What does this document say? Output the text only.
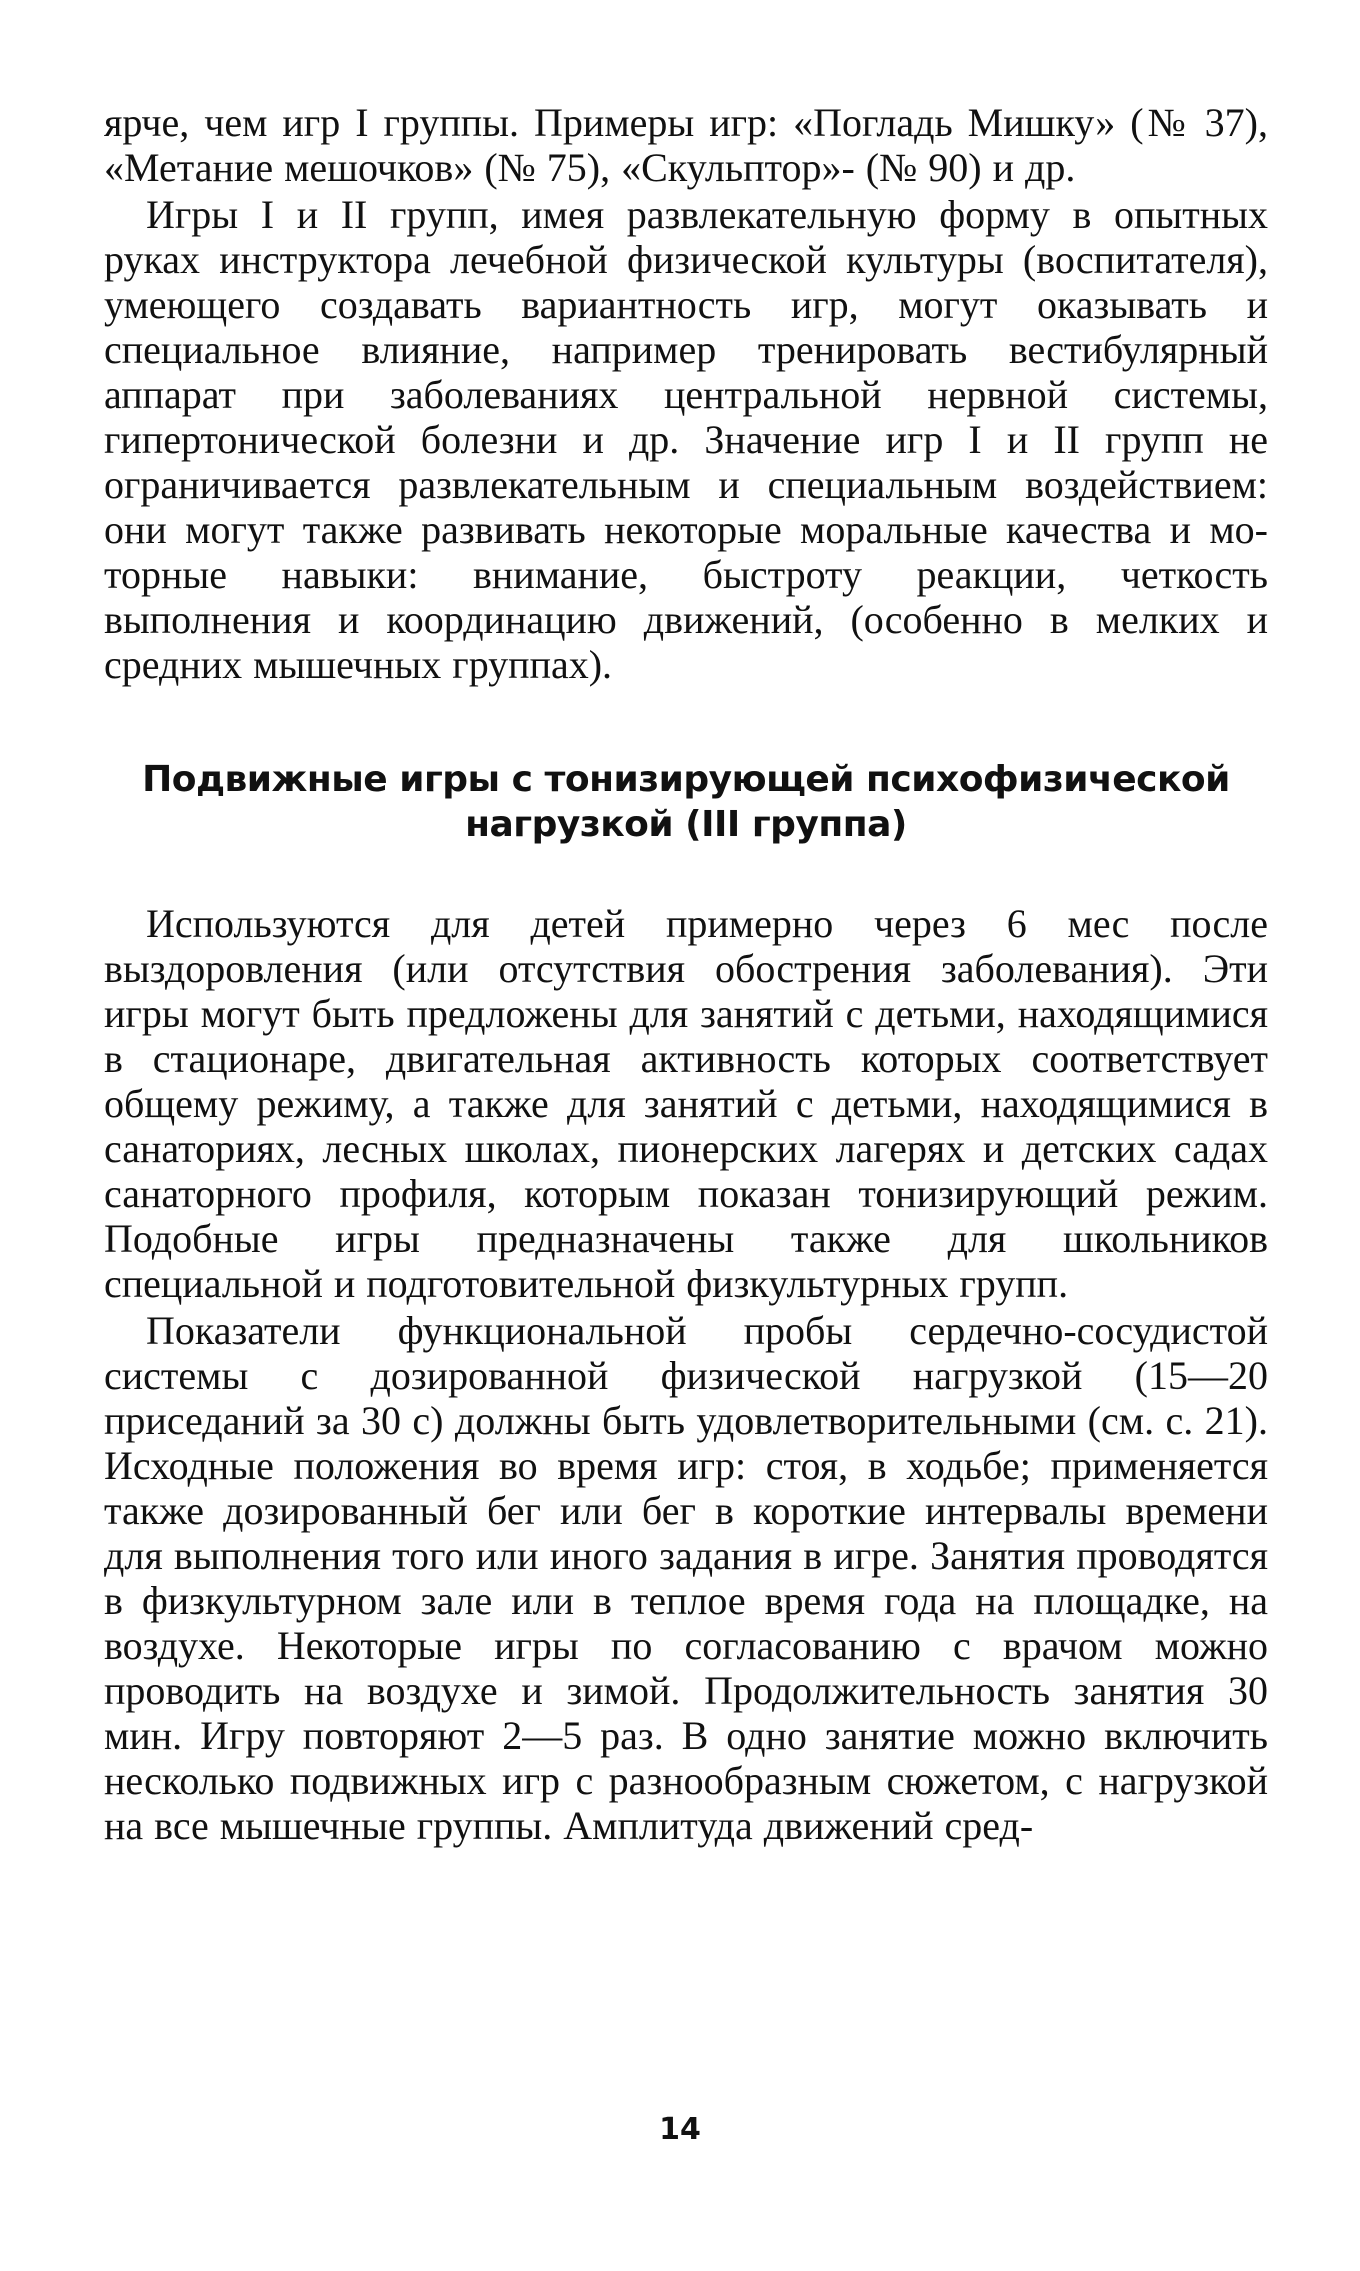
ярче, чем игр I группы. Примеры игр: «Погладь Мишку» (№ 37), «Метание мешочков» (№ 75), «Скульптор»- (№ 90) и др.

Игры I и II групп, имея развлекательную форму в опытных руках инструктора лечебной физической культуры (воспитателя), умеющего создавать вариантность игр, могут оказывать и специальное влияние, например тренировать вестибулярный аппарат при заболеваниях центральной нервной системы, гипертонической болезни и др. Значение игр I и II групп не ограничивается развлекательным и специальным воздействием: они могут также развивать некоторые моральные качества и моторные навыки: внимание, быстроту реакции, четкость выполнения и координацию движений, (особенно в мелких и средних мышечных группах).

Подвижные игры с тонизирующей психофизической
нагрузкой (III группа)

Используются для детей примерно через 6 мес после выздоровления (или отсутствия обострения заболевания). Эти игры могут быть предложены для занятий с детьми, находящимися в стационаре, двигательная активность которых соответствует общему режиму, а также для занятий с детьми, находящимися в санаториях, лесных школах, пионерских лагерях и детских садах санаторного профиля, которым показан тонизирующий режим. Подобные игры предназначены также для школьников специальной и подготовительной физкультурных групп.

Показатели функциональной пробы сердечно-сосудистой системы с дозированной физической нагрузкой (15—20 приседаний за 30 с) должны быть удовлетворительными (см. с. 21). Исходные положения во время игр: стоя, в ходьбе; применяется также дозированный бег или бег в короткие интервалы времени для выполнения того или иного задания в игре. Занятия проводятся в физкультурном зале или в теплое время года на площадке, на воздухе. Некоторые игры по согласованию с врачом можно проводить на воздухе и зимой. Продолжительность занятия 30 мин. Игру повторяют 2—5 раз. В одно занятие можно включить несколько подвижных игр с разнообразным сюжетом, с нагрузкой на все мышечные группы. Амплитуда движений сред-

14
